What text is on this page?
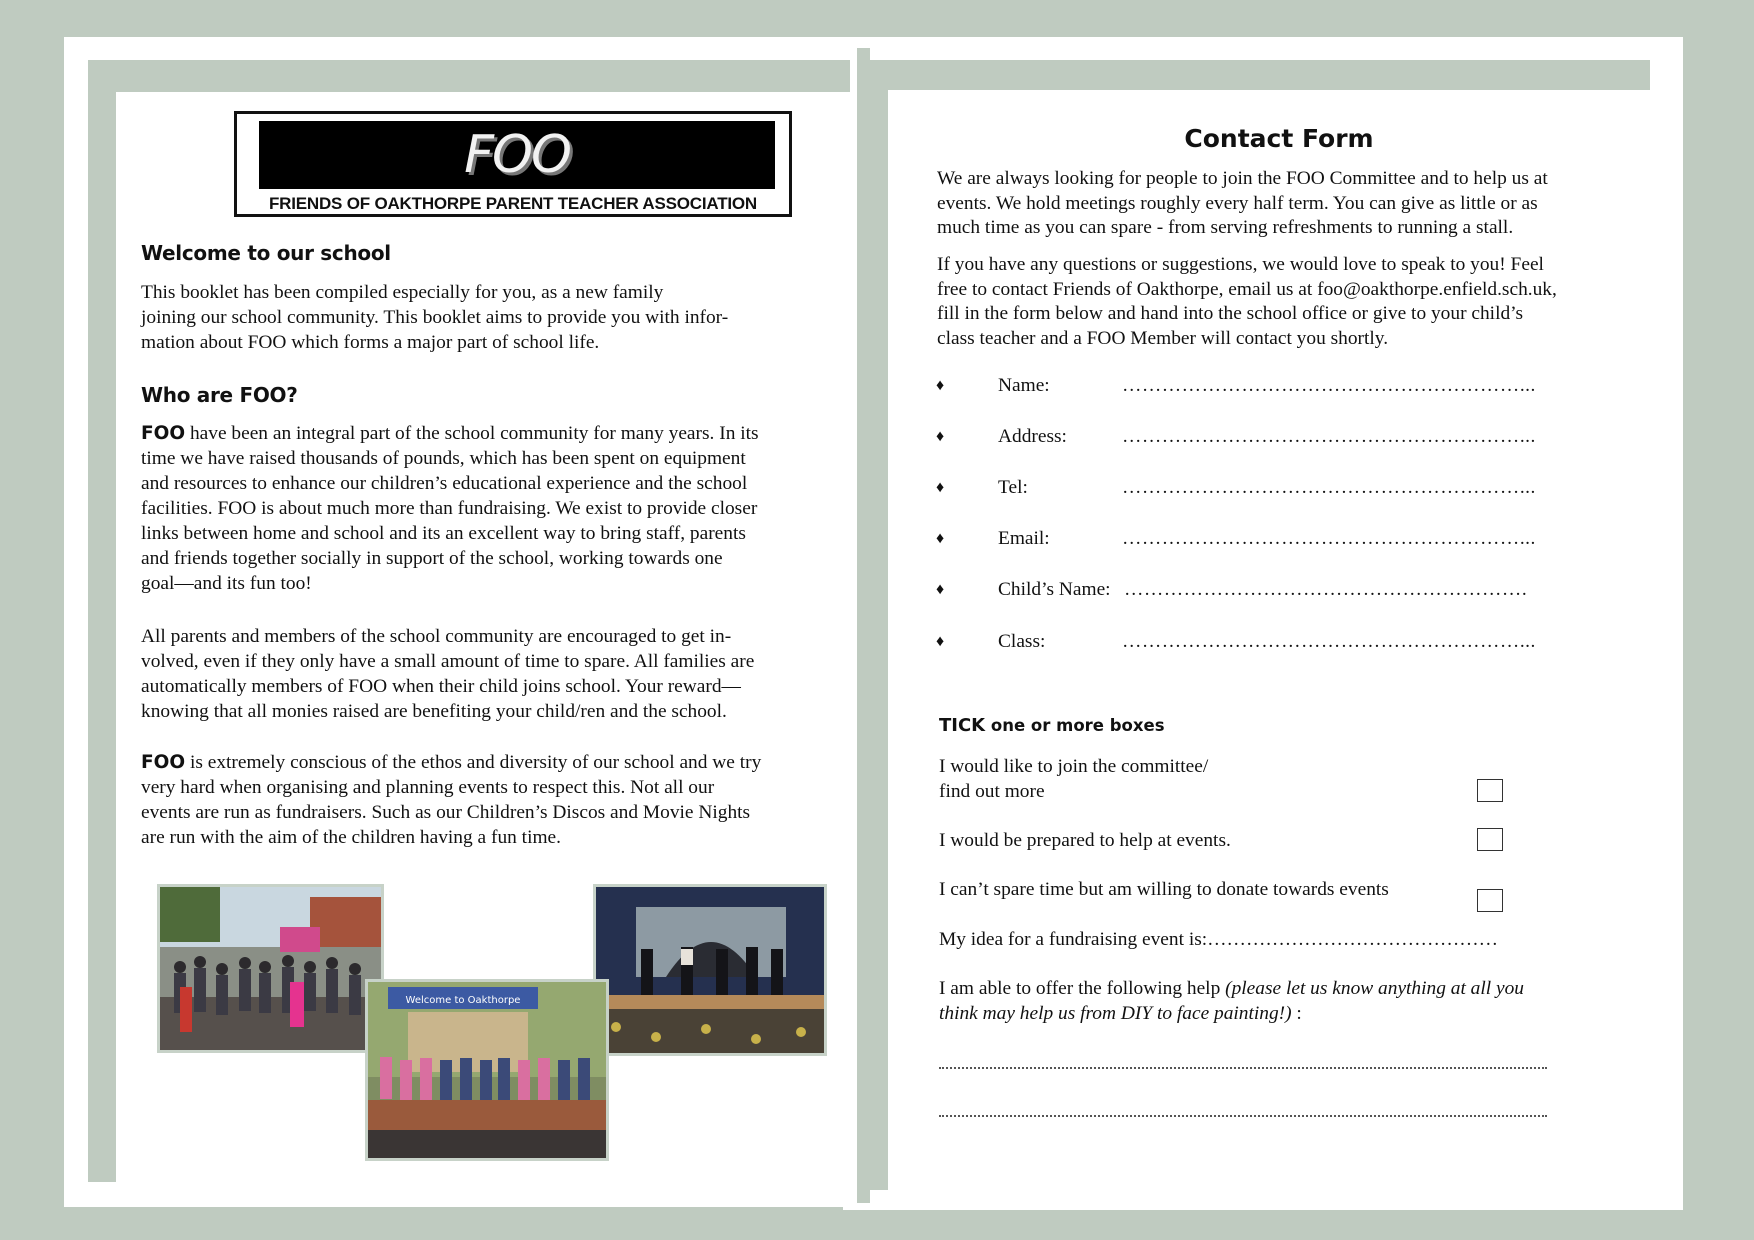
FOO
FRIENDS OF OAKTHORPE PARENT TEACHER ASSOCIATION
Welcome to our school

This booklet has been compiled especially for you, as a new family

joining our school community. This booklet aims to provide you with infor-

mation about FOO which forms a major part of school life.

Who are FOO?

FOO have been an integral part of the school community for many years. In its

time we have raised thousands of pounds, which has been spent on equipment

and resources to enhance our children’s educational experience and the school

facilities. FOO is about much more than fundraising. We exist to provide closer

links between home and school and its an excellent way to bring staff, parents

and friends together socially in support of the school, working towards one

goal—and its fun too!

All parents and members of the school community are encouraged to get in-

volved, even if they only have a small amount of time to spare. All families are

automatically members of FOO when their child joins school. Your reward—

knowing that all monies raised are benefiting your child/ren and the school.

FOO is extremely conscious of the ethos and diversity of our school and we try

very hard when organising and planning events to respect this. Not all our

events are run as fundraisers. Such as our Children’s Discos and Movie Nights

are run with the aim of the children having a fun time.

Welcome to Oakthorpe
Contact Form

We are always looking for people to join the FOO Committee and to help us at

events. We hold meetings roughly every half term. You can give as little or as

much time as you can spare - from serving refreshments to running a stall.

If you have any questions or suggestions, we would love to speak to you! Feel

free to contact Friends of Oakthorpe, email us at foo@oakthorpe.enfield.sch.uk,

fill in the form below and hand into the school office or give to your child’s

class teacher and a FOO Member will contact you shortly.

♦	Name:	……………………………………………………...
♦	Address:	……………………………………………………...
♦	Tel:	……………………………………………………...
♦	Email:	……………………………………………………...
♦	Child’s Name: …………………………………………………….
♦	Class:	……………………………………………………...
TICK one or more boxes

I would like to join the committee/

find out more

I would be prepared to help at events.
I can’t spare time but am willing to donate towards events
My idea for a fundraising event is:………………………………………

I am able to offer the following help (please let us know anything at all you

think may help us from DIY to face painting!) :
